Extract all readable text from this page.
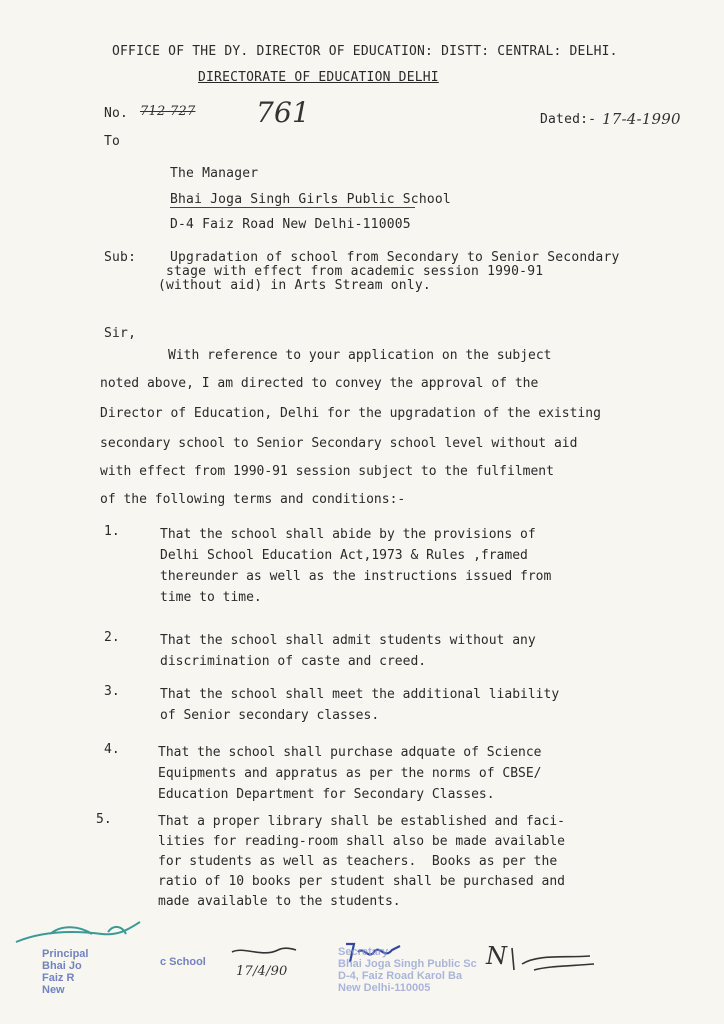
OFFICE OF THE DY. DIRECTOR OF EDUCATION: DISTT: CENTRAL: DELHI.
DIRECTORATE OF EDUCATION DELHI
No. 712-727 761
To
Dated:- 17-4-1990
The Manager
Bhai Joga Singh Girls Public School
D-4 Faiz Road New Delhi-110005
Sub:	Upgradation of school from Secondary to Senior Secondary
stage with effect from academic session 1990-91
(without aid) in Arts Stream only.
Sir,
With reference to your application on the subject
noted above, I am directed to convey the approval of the
Director of Education, Delhi for the upgradation of the existing
secondary school to Senior Secondary school level without aid
with effect from 1990-91 session subject to the fulfilment
of the following terms and conditions:-
1.	That the school shall abide by the provisions of
Delhi School Education Act,1973 & Rules ,framed
thereunder as well as the instructions issued from
time to time.
2.	That the school shall admit students without any
discrimination of caste and creed.
3.	That the school shall meet the additional liability
of Senior secondary classes.
4.	That the school shall purchase adquate of Science
Equipments and appratus as per the norms of CBSE/
Education Department for Secondary Classes.
5.	That a proper library shall be established and faci-
lities for reading-room shall also be made available
for students as well as teachers.  Books as per the
ratio of 10 books per student shall be purchased and
made available to the students.
Principal
Bhai Jo
Faiz R
New
c School
17/4/90
Secretary
Bhai Joga Singh Public Sc
D-4, Faiz Road Karol Ba
New Delhi-110005
N
